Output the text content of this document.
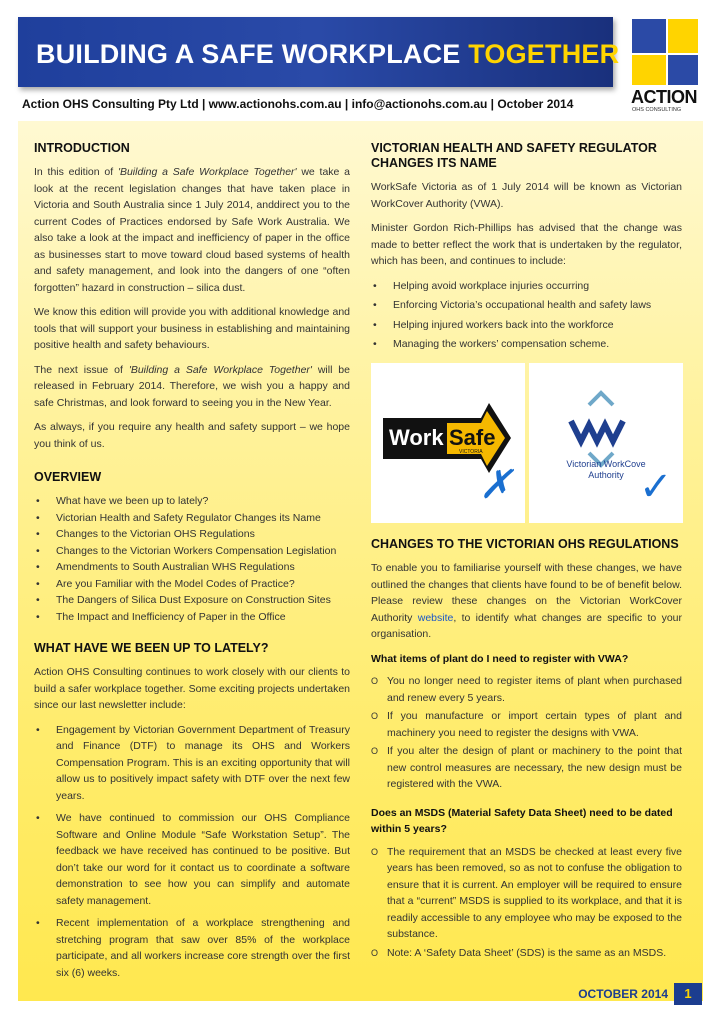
BUILDING A SAFE WORKPLACE TOGETHER
ACTION
OHS CONSULTING
Action OHS Consulting Pty Ltd | www.actionohs.com.au | info@actionohs.com.au | October 2014
INTRODUCTION

In this edition of 'Building a Safe Workplace Together' we take a look at the recent legislation changes that have taken place in Victoria and South Australia since 1 July 2014, anddirect you to the current Codes of Practices endorsed by Safe Work Australia. We also take a look at the impact and inefficiency of paper in the office as businesses start to move toward cloud based systems of health and safety management, and look into the dangers of one “often forgotten” hazard in construction – silica dust.

We know this edition will provide you with additional knowledge and tools that will support your business in establishing and maintaining positive health and safety behaviours.

The next issue of 'Building a Safe Workplace Together' will be released in February 2014. Therefore, we wish you a happy and safe Christmas, and look forward to seeing you in the New Year.

As always, if you require any health and safety support – we hope you think of us.

OVERVIEW
• What have we been up to lately?
• Victorian Health and Safety Regulator Changes its Name
• Changes to the Victorian OHS Regulations
• Changes to the Victorian Workers Compensation Legislation
• Amendments to South Australian WHS Regulations
• Are you Familiar with the Model Codes of Practice?
• The Dangers of Silica Dust Exposure on Construction Sites
• The Impact and Inefficiency of Paper in the Office
WHAT HAVE WE BEEN UP TO LATELY?

Action OHS Consulting continues to work closely with our clients to build a safer workplace together. Some exciting projects undertaken since our last newsletter include:

• Engagement by Victorian Government Department of Treasury and Finance (DTF) to manage its OHS and Workers Compensation Program. This is an exciting opportunity that will allow us to positively impact safety with DTF over the next few years.
• We have continued to commission our OHS Compliance Software and Online Module “Safe Workstation Setup”. The feedback we have received has continued to be positive. But don’t take our word for it contact us to coordinate a software demonstration to see how you can simplify and automate safety management.
• Recent implementation of a workplace strengthening and stretching program that saw over 85% of the workplace participate, and all workers increase core strength over the first six (6) weeks.
VICTORIAN HEALTH AND SAFETY REGULATOR CHANGES ITS NAME

WorkSafe Victoria as of 1 July 2014 will be known as Victorian WorkCover Authority (VWA).

Minister Gordon Rich-Phillips has advised that the change was made to better reflect the work that is undertaken by the regulator, which has been, and continues to include:

• Helping avoid workplace injuries occurring
• Enforcing Victoria’s occupational health and safety laws
• Helping injured workers back into the workforce
• Managing the workers’ compensation scheme.
Work Safe
VICTORIA
✗	Victorian WorkCove
Authority ✓
CHANGES TO THE VICTORIAN OHS REGULATIONS

To enable you to familiarise yourself with these changes, we have outlined the changes that clients have found to be of benefit below. Please review these changes on the Victorian WorkCover Authority website, to identify what changes are specific to your organisation.

What items of plant do I need to register with VWA?
O You no longer need to register items of plant when purchased and renew every 5 years.
O If you manufacture or import certain types of plant and machinery you need to register the designs with VWA.
O If you alter the design of plant or machinery to the point that new control measures are necessary, the new design must be registered with the VWA.
Does an MSDS (Material Safety Data Sheet) need to be dated within 5 years?
O The requirement that an MSDS be checked at least every five years has been removed, so as not to confuse the obligation to ensure that it is current. An employer will be required to ensure that a “current” MSDS is supplied to its workplace, and that it is readily accessible to any employee who may be exposed to the substance.
O Note: A ‘Safety Data Sheet’ (SDS) is the same as an MSDS.
OCTOBER 2014	1
